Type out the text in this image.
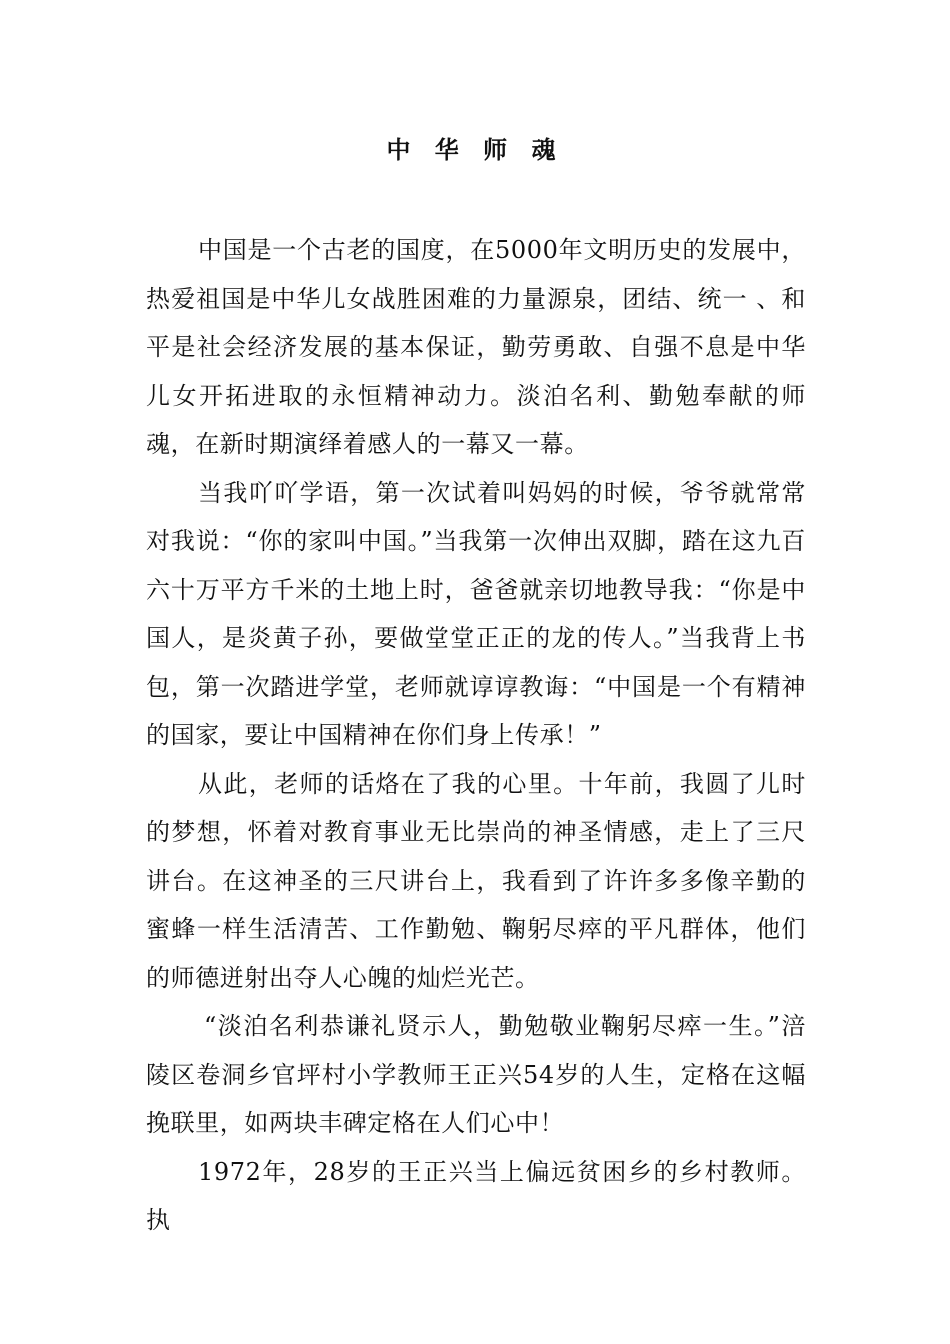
中 华 师 魂

中国是一个古老的国度，在5000年文明历史的发展中，热爱祖国是中华儿女战胜困难的力量源泉，团结、统一 、和平是社会经济发展的基本保证，勤劳勇敢、自强不息是中华儿女开拓进取的永恒精神动力。淡泊名利、勤勉奉献的师魂，在新时期演绎着感人的一幕又一幕。

当我吖吖学语，第一次试着叫妈妈的时候，爷爷就常常对我说：“你的家叫中国。”当我第一次伸出双脚，踏在这九百六十万平方千米的土地上时，爸爸就亲切地教导我：“你是中国人，是炎黄子孙，要做堂堂正正的龙的传人。”当我背上书包，第一次踏进学堂，老师就谆谆教诲：“中国是一个有精神的国家，要让中国精神在你们身上传承！”

从此，老师的话烙在了我的心里。十年前，我圆了儿时的梦想，怀着对教育事业无比崇尚的神圣情感，走上了三尺讲台。在这神圣的三尺讲台上，我看到了许许多多像辛勤的蜜蜂一样生活清苦、工作勤勉、鞠躬尽瘁的平凡群体，他们的师德迸射出夺人心魄的灿烂光芒。

“淡泊名利恭谦礼贤示人，勤勉敬业鞠躬尽瘁一生。”涪陵区卷洞乡官坪村小学教师王正兴54岁的人生，定格在这幅挽联里，如两块丰碑定格在人们心中！

1972年，28岁的王正兴当上偏远贫困乡的乡村教师。执
